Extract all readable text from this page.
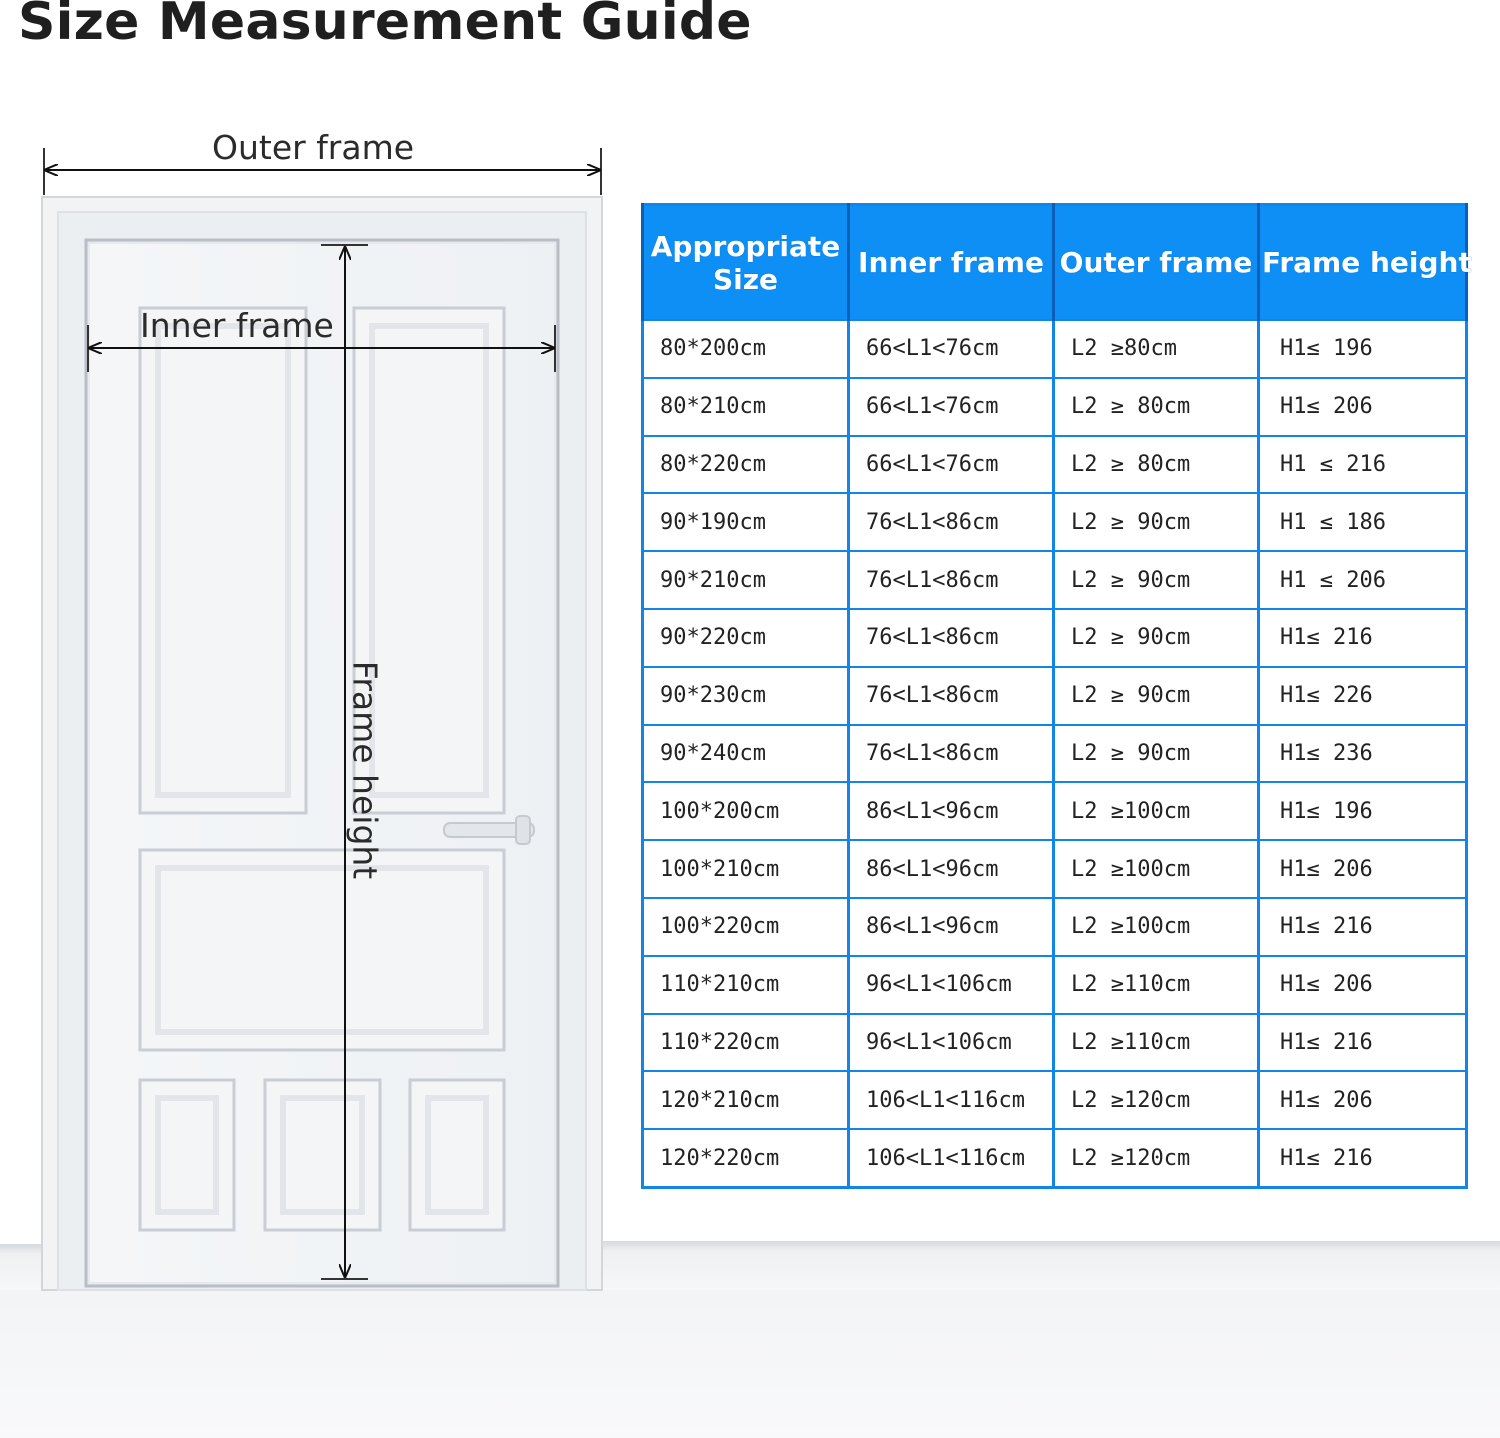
Size Measurement Guide

Outer frame

Inner frame

Frame height

Appropriate
Size	Inner frame	Outer frame	Frame height
80*200cm	66<L1<76cm	L2 ≥80cm	H1≤ 196
80*210cm	66<L1<76cm	L2 ≥ 80cm	H1≤ 206
80*220cm	66<L1<76cm	L2 ≥ 80cm	H1 ≤ 216
90*190cm	76<L1<86cm	L2 ≥ 90cm	H1 ≤ 186
90*210cm	76<L1<86cm	L2 ≥ 90cm	H1 ≤ 206
90*220cm	76<L1<86cm	L2 ≥ 90cm	H1≤ 216
90*230cm	76<L1<86cm	L2 ≥ 90cm	H1≤ 226
90*240cm	76<L1<86cm	L2 ≥ 90cm	H1≤ 236
100*200cm	86<L1<96cm	L2 ≥100cm	H1≤ 196
100*210cm	86<L1<96cm	L2 ≥100cm	H1≤ 206
100*220cm	86<L1<96cm	L2 ≥100cm	H1≤ 216
110*210cm	96<L1<106cm	L2 ≥110cm	H1≤ 206
110*220cm	96<L1<106cm	L2 ≥110cm	H1≤ 216
120*210cm	106<L1<116cm	L2 ≥120cm	H1≤ 206
120*220cm	106<L1<116cm	L2 ≥120cm	H1≤ 216
